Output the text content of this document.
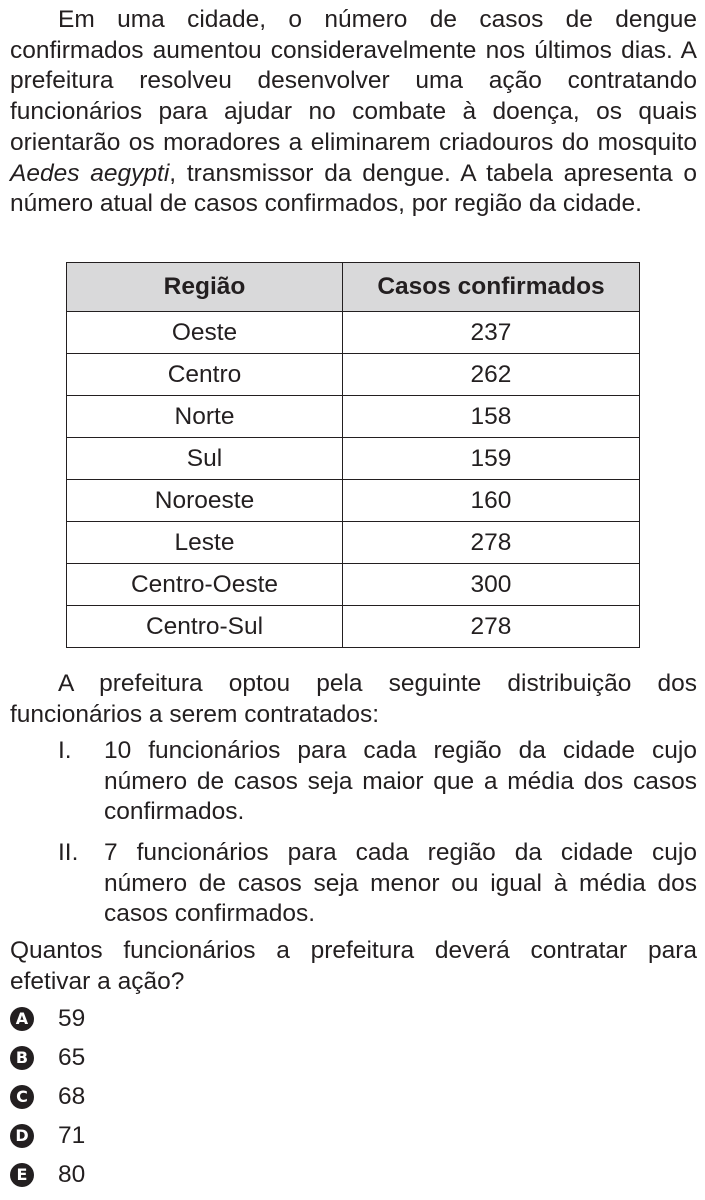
Em uma cidade, o número de casos de dengue confirmados aumentou consideravelmente nos últimos dias. A prefeitura resolveu desenvolver uma ação contratando funcionários para ajudar no combate à doença, os quais orientarão os moradores a eliminarem criadouros do mosquito Aedes aegypti, transmissor da dengue. A tabela apresenta o número atual de casos confirmados, por região da cidade.

Região	Casos confirmados
Oeste	237
Centro	262
Norte	158
Sul	159
Noroeste	160
Leste	278
Centro-Oeste	300
Centro-Sul	278

A prefeitura optou pela seguinte distribuição dos funcionários a serem contratados:

I. 10 funcionários para cada região da cidade cujo número de casos seja maior que a média dos casos confirmados.
II. 7 funcionários para cada região da cidade cujo número de casos seja menor ou igual à média dos casos confirmados.

Quantos funcionários a prefeitura deverá contratar para efetivar a ação?

A 59
B 65
C 68
D 71
E 80
